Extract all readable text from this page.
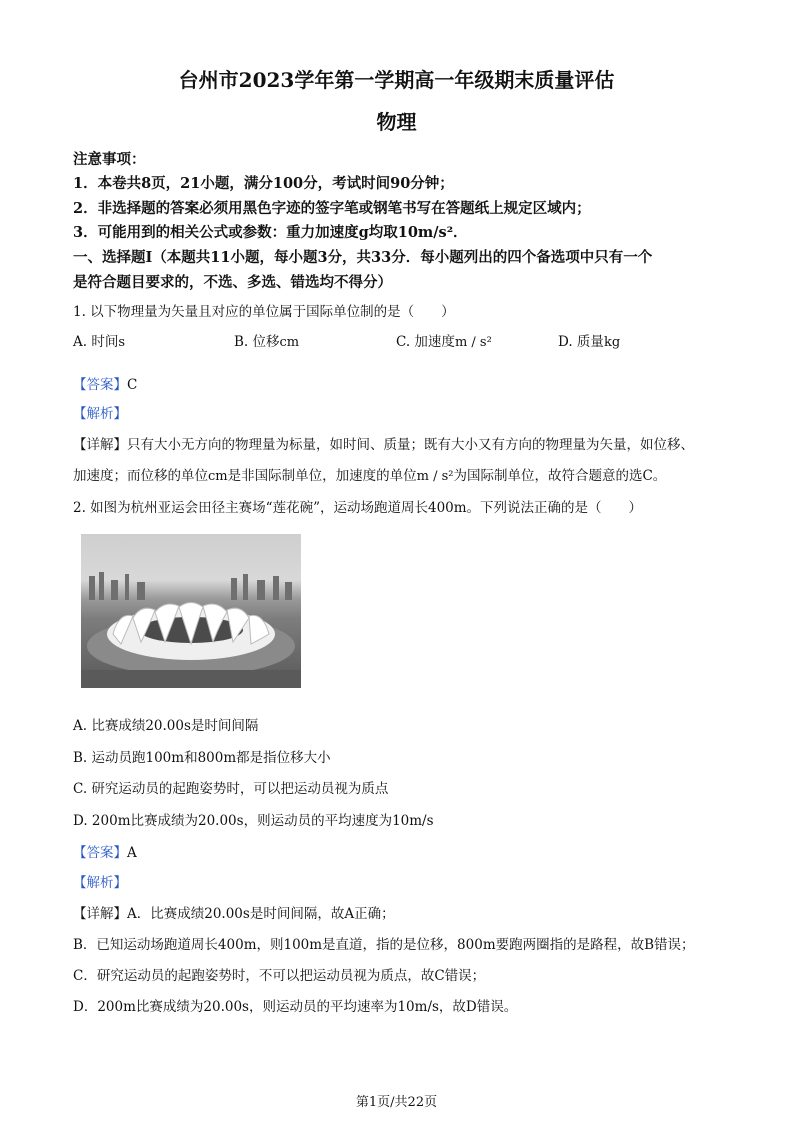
台州市2023学年第一学期高一年级期末质量评估
物理
注意事项：
1．本卷共8页，21小题，满分100分，考试时间90分钟；
2．非选择题的答案必须用黑色字迹的签字笔或钢笔书写在答题纸上规定区域内；
3．可能用到的相关公式或参数：重力加速度g均取10m/s²．
一、选择题Ⅰ（本题共11小题，每小题3分，共33分．每小题列出的四个备选项中只有一个
是符合题目要求的，不选、多选、错选均不得分）
1. 以下物理量为矢量且对应的单位属于国际单位制的是（　　）
A. 时间s	B. 位移cm	C. 加速度m / s²	D. 质量kg
【答案】C
【解析】
【详解】只有大小无方向的物理量为标量，如时间、质量；既有大小又有方向的物理量为矢量，如位移、
加速度；而位移的单位cm是非国际制单位，加速度的单位m / s²为国际制单位，故符合题意的选C。
2. 如图为杭州亚运会田径主赛场“莲花碗”，运动场跑道周长400m。下列说法正确的是（　　）
A. 比赛成绩20.00s是时间间隔
B. 运动员跑100m和800m都是指位移大小
C. 研究运动员的起跑姿势时，可以把运动员视为质点
D. 200m比赛成绩为20.00s，则运动员的平均速度为10m/s
【答案】A
【解析】
【详解】A．比赛成绩20.00s是时间间隔，故A正确；
B．已知运动场跑道周长400m，则100m是直道，指的是位移，800m要跑两圈指的是路程，故B错误；
C．研究运动员的起跑姿势时，不可以把运动员视为质点，故C错误；
D．200m比赛成绩为20.00s，则运动员的平均速率为10m/s，故D错误。
第1页/共22页
